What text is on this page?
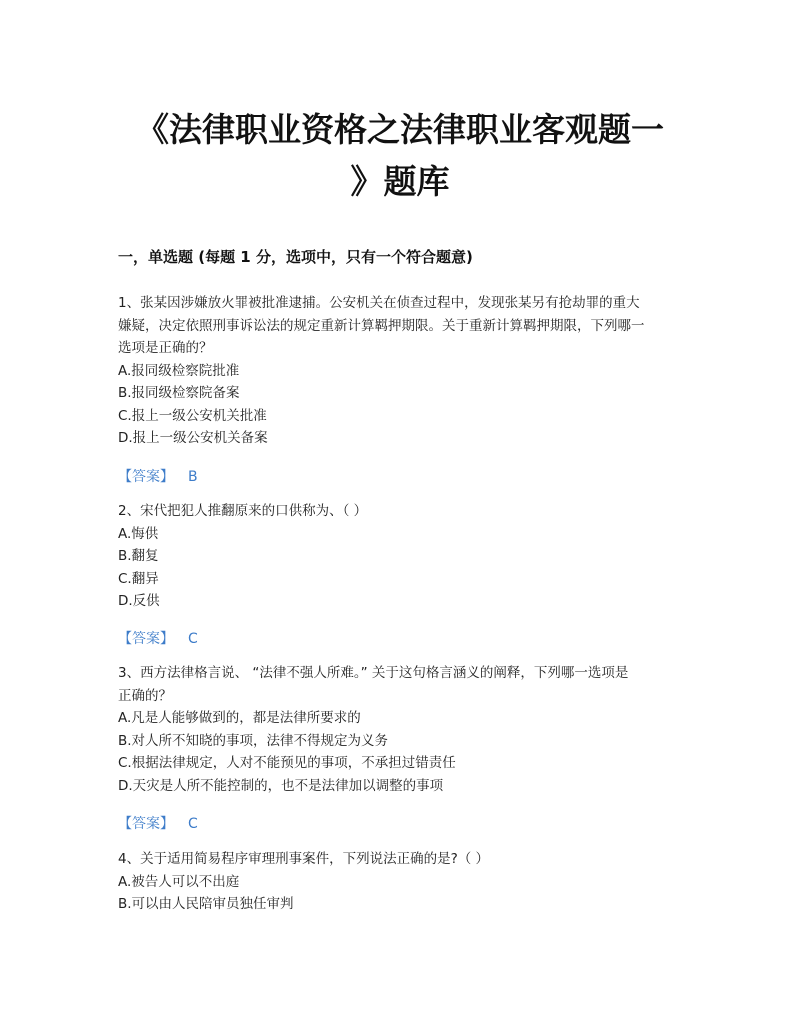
《法律职业资格之法律职业客观题一
》题库
一，单选题 (每题 1 分，选项中，只有一个符合题意)

1、张某因涉嫌放火罪被批准逮捕。公安机关在侦查过程中，发现张某另有抢劫罪的重大

嫌疑，决定依照刑事诉讼法的规定重新计算羁押期限。关于重新计算羁押期限，下列哪一

选项是正确的？

A.报同级检察院批准

B.报同级检察院备案

C.报上一级公安机关批准

D.报上一级公安机关备案

【答案】 B

2、宋代把犯人推翻原来的口供称为、（ ）

A.悔供

B.翻复

C.翻异

D.反供

【答案】 C

3、西方法律格言说、 “法律不强人所难。” 关于这句格言涵义的阐释，下列哪一选项是

正确的？

A.凡是人能够做到的，都是法律所要求的

B.对人所不知晓的事项，法律不得规定为义务

C.根据法律规定，人对不能预见的事项，不承担过错责任

D.天灾是人所不能控制的，也不是法律加以调整的事项

【答案】 C

4、关于适用简易程序审理刑事案件，下列说法正确的是?（ ）

A.被告人可以不出庭

B.可以由人民陪审员独任审判
